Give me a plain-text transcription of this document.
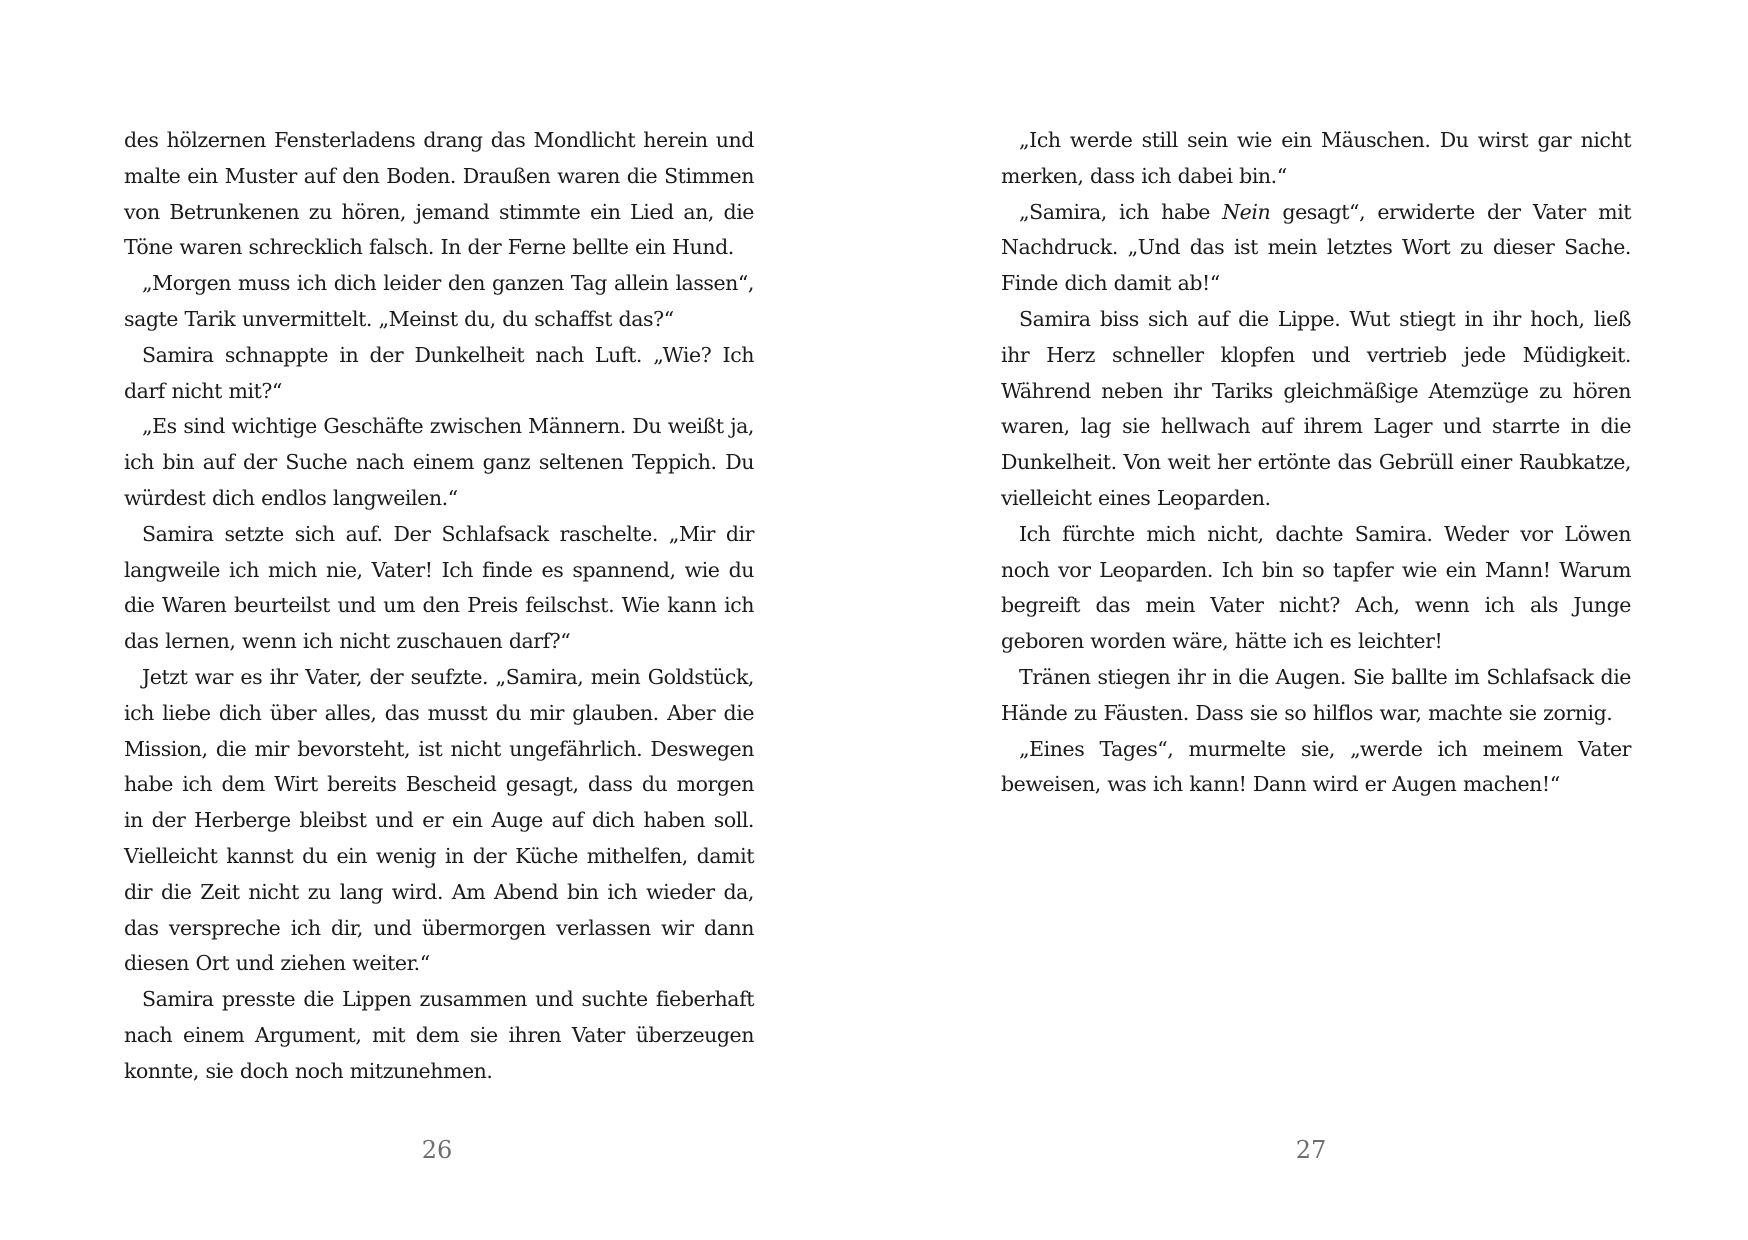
des hölzernen Fensterladens drang das Mondlicht herein und malte ein Muster auf den Boden. Draußen waren die Stimmen von Betrunkenen zu hören, jemand stimmte ein Lied an, die Töne waren schrecklich falsch. In der Ferne bellte ein Hund.

„Morgen muss ich dich leider den ganzen Tag allein lassen“, sagte Tarik unvermittelt. „Meinst du, du schaffst das?“

Samira schnappte in der Dunkelheit nach Luft. „Wie? Ich darf nicht mit?“

„Es sind wichtige Geschäfte zwischen Männern. Du weißt ja, ich bin auf der Suche nach einem ganz seltenen Teppich. Du würdest dich endlos langweilen.“

Samira setzte sich auf. Der Schlafsack raschelte. „Mir dir langweile ich mich nie, Vater! Ich finde es spannend, wie du die Waren beurteilst und um den Preis feilschst. Wie kann ich das lernen, wenn ich nicht zuschauen darf?“

Jetzt war es ihr Vater, der seufzte. „Samira, mein Goldstück, ich liebe dich über alles, das musst du mir glauben. Aber die Mission, die mir bevorsteht, ist nicht ungefährlich. Deswegen habe ich dem Wirt bereits Bescheid gesagt, dass du morgen in der Herberge bleibst und er ein Auge auf dich haben soll. Vielleicht kannst du ein wenig in der Küche mithelfen, damit dir die Zeit nicht zu lang wird. Am Abend bin ich wieder da, das verspreche ich dir, und übermorgen verlassen wir dann diesen Ort und ziehen weiter.“

Samira presste die Lippen zusammen und suchte fieberhaft nach einem Argument, mit dem sie ihren Vater überzeugen konnte, sie doch noch mitzunehmen.

26

„Ich werde still sein wie ein Mäuschen. Du wirst gar nicht merken, dass ich dabei bin.“

„Samira, ich habe Nein gesagt“, erwiderte der Vater mit Nachdruck. „Und das ist mein letztes Wort zu dieser Sache. Finde dich damit ab!“

Samira biss sich auf die Lippe. Wut stiegt in ihr hoch, ließ ihr Herz schneller klopfen und vertrieb jede Müdigkeit. Während neben ihr Tariks gleichmäßige Atemzüge zu hören waren, lag sie hellwach auf ihrem Lager und starrte in die Dunkelheit. Von weit her ertönte das Gebrüll einer Raubkatze, vielleicht eines Leoparden.

Ich fürchte mich nicht, dachte Samira. Weder vor Löwen noch vor Leoparden. Ich bin so tapfer wie ein Mann! Warum begreift das mein Vater nicht? Ach, wenn ich als Junge geboren worden wäre, hätte ich es leichter!

Tränen stiegen ihr in die Augen. Sie ballte im Schlafsack die Hände zu Fäusten. Dass sie so hilflos war, machte sie zornig.

„Eines Tages“, murmelte sie, „werde ich meinem Vater beweisen, was ich kann! Dann wird er Augen machen!“

27
